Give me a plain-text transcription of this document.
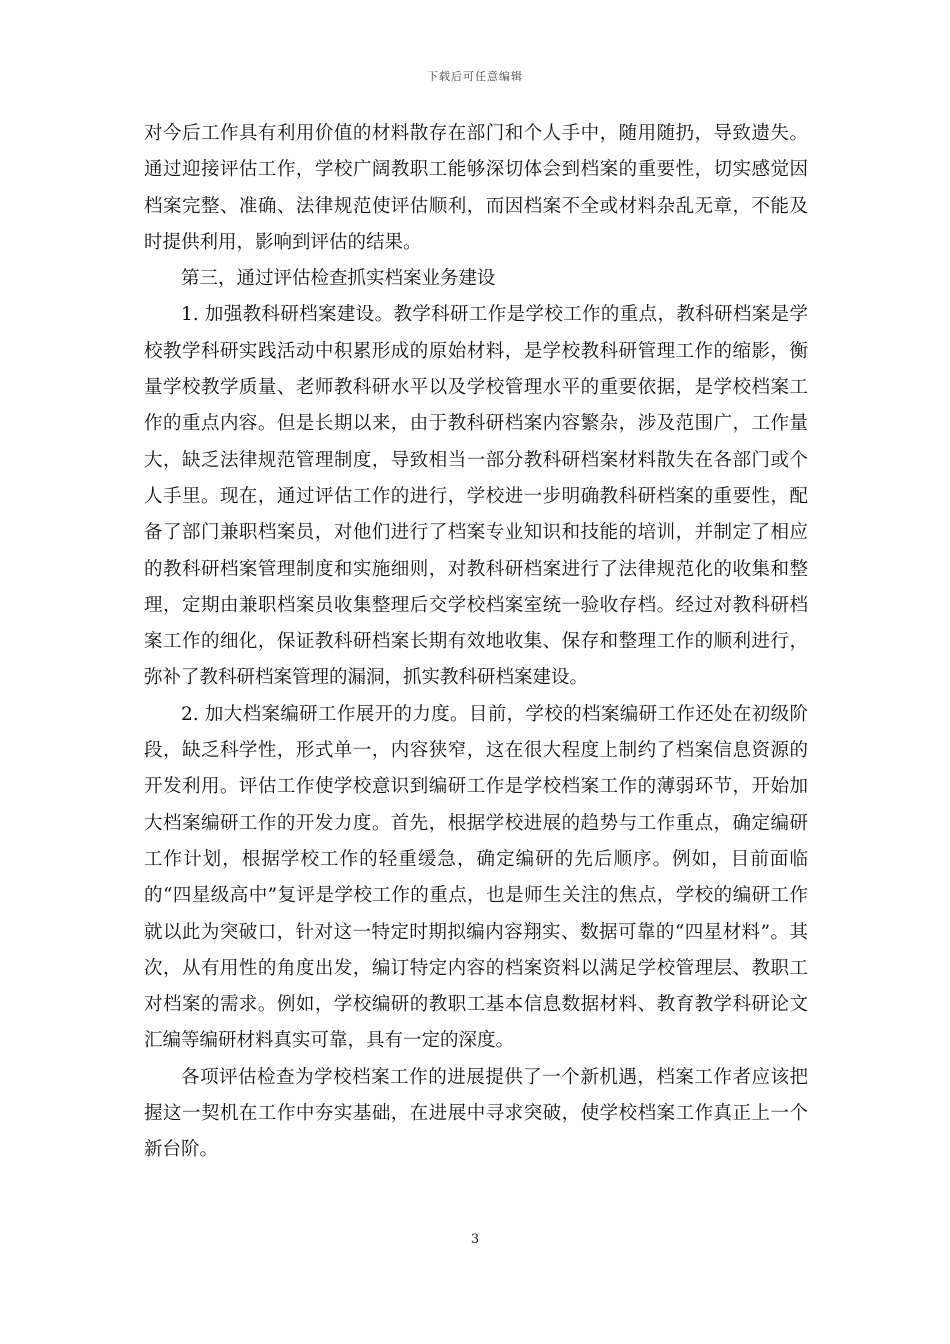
下载后可任意编辑

对今后工作具有利用价值的材料散存在部门和个人手中，随用随扔，导致遗失。通过迎接评估工作，学校广阔教职工能够深切体会到档案的重要性，切实感觉因档案完整、准确、法律规范使评估顺利，而因档案不全或材料杂乱无章，不能及时提供利用，影响到评估的结果。

第三，通过评估检查抓实档案业务建设

1. 加强教科研档案建设。教学科研工作是学校工作的重点，教科研档案是学校教学科研实践活动中积累形成的原始材料，是学校教科研管理工作的缩影，衡量学校教学质量、老师教科研水平以及学校管理水平的重要依据，是学校档案工作的重点内容。但是长期以来，由于教科研档案内容繁杂，涉及范围广，工作量大，缺乏法律规范管理制度，导致相当一部分教科研档案材料散失在各部门或个人手里。现在，通过评估工作的进行，学校进一步明确教科研档案的重要性，配备了部门兼职档案员，对他们进行了档案专业知识和技能的培训，并制定了相应的教科研档案管理制度和实施细则，对教科研档案进行了法律规范化的收集和整理，定期由兼职档案员收集整理后交学校档案室统一验收存档。经过对教科研档案工作的细化，保证教科研档案长期有效地收集、保存和整理工作的顺利进行，弥补了教科研档案管理的漏洞，抓实教科研档案建设。

2. 加大档案编研工作展开的力度。目前，学校的档案编研工作还处在初级阶段，缺乏科学性，形式单一，内容狭窄，这在很大程度上制约了档案信息资源的开发利用。评估工作使学校意识到编研工作是学校档案工作的薄弱环节，开始加大档案编研工作的开发力度。首先，根据学校进展的趋势与工作重点，确定编研工作计划，根据学校工作的轻重缓急，确定编研的先后顺序。例如，目前面临的“四星级高中”复评是学校工作的重点，也是师生关注的焦点，学校的编研工作就以此为突破口，针对这一特定时期拟编内容翔实、数据可靠的“四星材料”。其次，从有用性的角度出发，编订特定内容的档案资料以满足学校管理层、教职工对档案的需求。例如，学校编研的教职工基本信息数据材料、教育教学科研论文汇编等编研材料真实可靠，具有一定的深度。

各项评估检查为学校档案工作的进展提供了一个新机遇，档案工作者应该把握这一契机在工作中夯实基础，在进展中寻求突破，使学校档案工作真正上一个新台阶。

3
